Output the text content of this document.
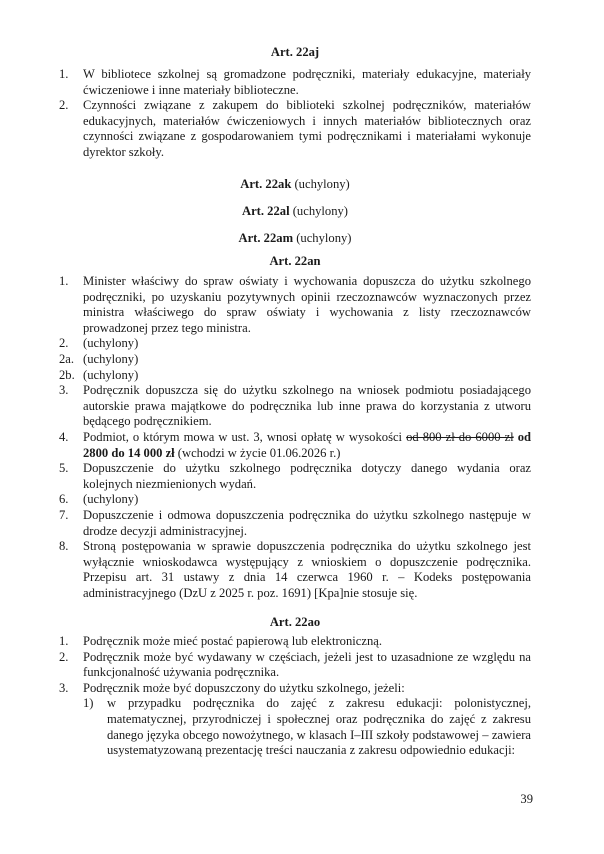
Art. 22aj
1. W bibliotece szkolnej są gromadzone podręczniki, materiały edukacyjne, materiały ćwiczeniowe i inne materiały biblioteczne.
2. Czynności związane z zakupem do biblioteki szkolnej podręczników, materiałów edukacyjnych, materiałów ćwiczeniowych i innych materiałów bibliotecznych oraz czynności związane z gospodarowaniem tymi podręcznikami i materiałami wykonuje dyrektor szkoły.
Art. 22ak (uchylony)
Art. 22al (uchylony)
Art. 22am (uchylony)
Art. 22an
1. Minister właściwy do spraw oświaty i wychowania dopuszcza do użytku szkolnego podręczniki, po uzyskaniu pozytywnych opinii rzeczoznawców wyznaczonych przez ministra właściwego do spraw oświaty i wychowania z listy rzeczoznawców prowadzonej przez tego ministra.
2. (uchylony)
2a. (uchylony)
2b. (uchylony)
3. Podręcznik dopuszcza się do użytku szkolnego na wniosek podmiotu posiadającego autorskie prawa majątkowe do podręcznika lub inne prawa do korzystania z utworu będącego podręcznikiem.
4. Podmiot, o którym mowa w ust. 3, wnosi opłatę w wysokości od 800 zł do 6000 zł od 2800 do 14 000 zł (wchodzi w życie 01.06.2026 r.)
5. Dopuszczenie do użytku szkolnego podręcznika dotyczy danego wydania oraz kolejnych niezmienionych wydań.
6. (uchylony)
7. Dopuszczenie i odmowa dopuszczenia podręcznika do użytku szkolnego następuje w drodze decyzji administracyjnej.
8. Stroną postępowania w sprawie dopuszczenia podręcznika do użytku szkolnego jest wyłącznie wnioskodawca występujący z wnioskiem o dopuszczenie podręcznika. Przepisu art. 31 ustawy z dnia 14 czerwca 1960 r. – Kodeks postępowania administracyjnego (DzU z 2025 r. poz. 1691) [Kpa]nie stosuje się.
Art. 22ao
1. Podręcznik może mieć postać papierową lub elektroniczną.
2. Podręcznik może być wydawany w częściach, jeżeli jest to uzasadnione ze względu na funkcjonalność używania podręcznika.
3. Podręcznik może być dopuszczony do użytku szkolnego, jeżeli:
1) w przypadku podręcznika do zajęć z zakresu edukacji: polonistycznej, matematycznej, przyrodniczej i społecznej oraz podręcznika do zajęć z zakresu danego języka obcego nowożytnego, w klasach I–III szkoły podstawowej – zawiera usystematyzowaną prezentację treści nauczania z zakresu odpowiednio edukacji:
39
